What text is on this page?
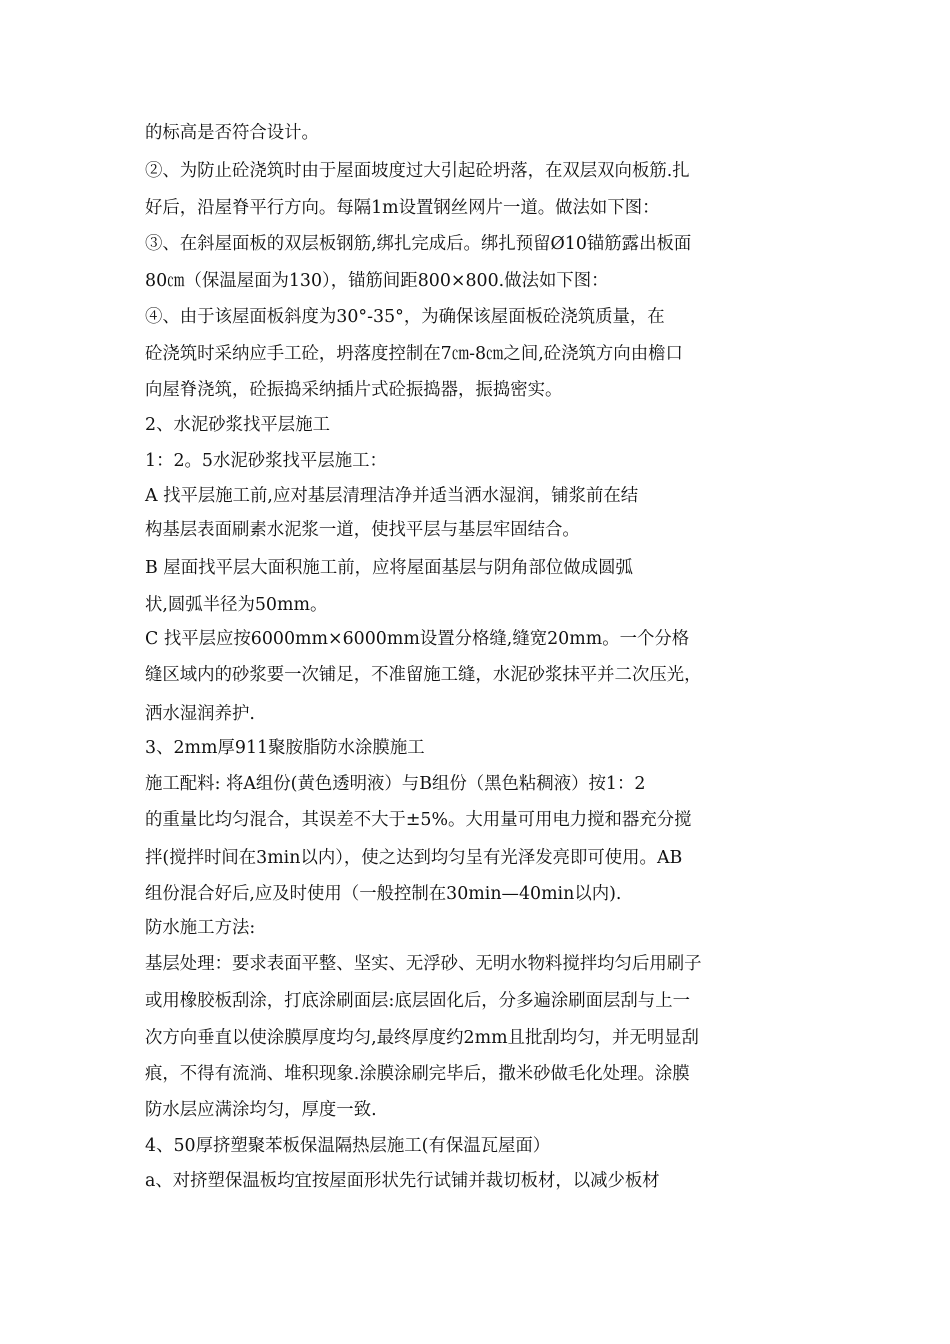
的标高是否符合设计。
②、为防止砼浇筑时由于屋面坡度过大引起砼坍落，在双层双向板筋.扎
好后，沿屋脊平行方向。每隔1m设置钢丝网片一道。做法如下图：
③、在斜屋面板的双层板钢筋,绑扎完成后。绑扎预留Ø10锚筋露出板面
80㎝（保温屋面为130），锚筋间距800×800.做法如下图：
④、由于该屋面板斜度为30°-35°，为确保该屋面板砼浇筑质量，在
砼浇筑时采纳应手工砼，坍落度控制在7㎝-8㎝之间,砼浇筑方向由檐口
向屋脊浇筑，砼振捣采纳插片式砼振捣器，振捣密实。
2、水泥砂浆找平层施工
1：2。5水泥砂浆找平层施工：
A 找平层施工前,应对基层清理洁净并适当洒水湿润，铺浆前在结
构基层表面刷素水泥浆一道，使找平层与基层牢固结合。
B 屋面找平层大面积施工前，应将屋面基层与阴角部位做成圆弧
状,圆弧半径为50mm。
C 找平层应按6000mm×6000mm设置分格缝,缝宽20mm。一个分格
缝区域内的砂浆要一次铺足，不准留施工缝，水泥砂浆抹平并二次压光，
洒水湿润养护.
3、2mm厚911聚胺脂防水涂膜施工
施工配料: 将A组份(黄色透明液）与B组份（黑色粘稠液）按1：2
的重量比均匀混合，其误差不大于±5%。大用量可用电力搅和器充分搅
拌(搅拌时间在3min以内），使之达到均匀呈有光泽发亮即可使用。AB
组份混合好后,应及时使用（一般控制在30min—40min以内).
防水施工方法:
基层处理：要求表面平整、坚实、无浮砂、无明水物料搅拌均匀后用刷子
或用橡胶板刮涂，打底涂刷面层:底层固化后，分多遍涂刷面层刮与上一
次方向垂直以使涂膜厚度均匀,最终厚度约2mm且批刮均匀，并无明显刮
痕，不得有流淌、堆积现象.涂膜涂刷完毕后，撒米砂做毛化处理。涂膜
防水层应满涂均匀，厚度一致.
4、50厚挤塑聚苯板保温隔热层施工(有保温瓦屋面）
a、对挤塑保温板均宜按屋面形状先行试铺并裁切板材，以减少板材
